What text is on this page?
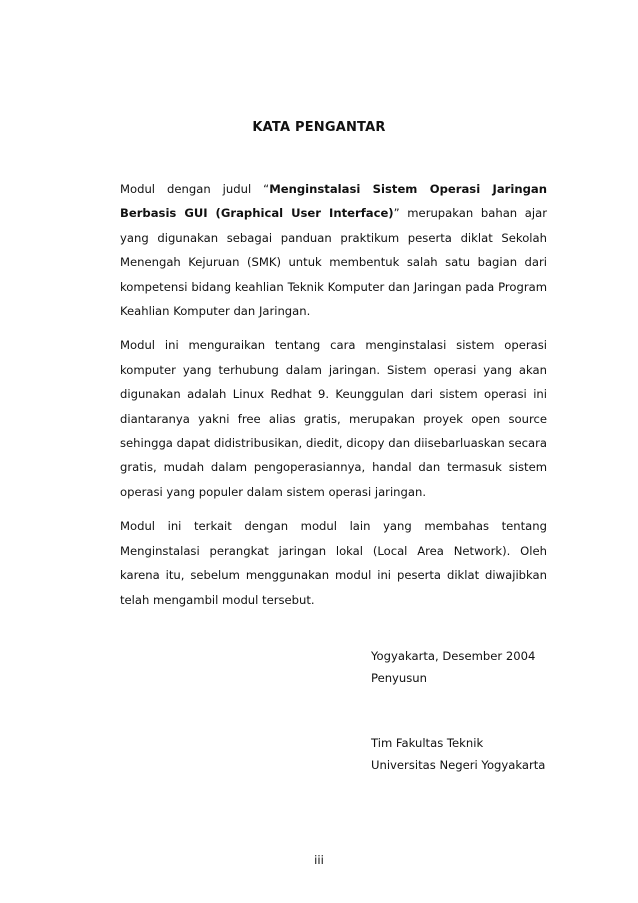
KATA PENGANTAR

Modul dengan judul “Menginstalasi Sistem Operasi Jaringan Berbasis GUI (Graphical User Interface)” merupakan bahan ajar yang digunakan sebagai panduan praktikum peserta diklat Sekolah Menengah Kejuruan (SMK) untuk membentuk salah satu bagian dari kompetensi bidang keahlian Teknik Komputer dan Jaringan pada Program Keahlian Komputer dan Jaringan.

Modul ini menguraikan tentang cara menginstalasi sistem operasi komputer yang terhubung dalam jaringan. Sistem operasi yang akan digunakan adalah Linux Redhat 9. Keunggulan dari sistem operasi ini diantaranya yakni free alias gratis, merupakan proyek open source sehingga dapat didistribusikan, diedit, dicopy dan diisebarluaskan secara gratis, mudah dalam pengoperasiannya, handal dan termasuk sistem operasi yang populer dalam sistem operasi jaringan.

Modul ini terkait dengan modul lain yang membahas tentang Menginstalasi perangkat jaringan lokal (Local Area Network). Oleh karena itu, sebelum menggunakan modul ini peserta diklat diwajibkan telah mengambil modul tersebut.

Yogyakarta, Desember 2004
Penyusun
Tim Fakultas Teknik
Universitas Negeri Yogyakarta
iii
